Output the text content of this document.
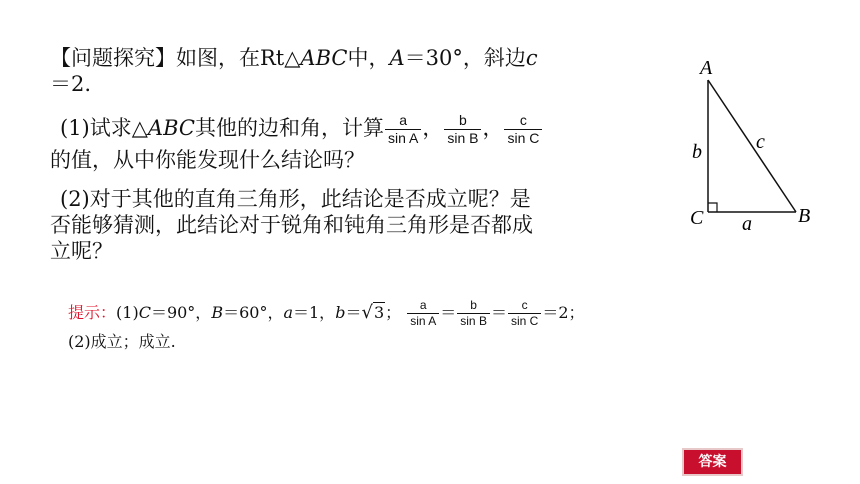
【问题探究】如图，在Rt△ABC中，A＝30°，斜边c
＝2.
(1)试求△ABC其他的边和角，计算 $\frac{a}{\text{sin A}}$ ， $\frac{b}{\text{sin B}}$ ， $\frac{c}{\text{sin C}}$

的值，从中你能发现什么结论吗？
(2)对于其他的直角三角形，此结论是否成立呢？是
否能够猜测，此结论对于锐角和钝角三角形是否都成
立呢？
提示：(1)C＝90°，B＝60°，a＝1，b＝√3； $\frac{a}{\text{sin A}} = \frac{b}{\text{sin B}} = \frac{c}{\text{sin C}} =2$；
(2)成立；成立.
A
C	B
a
b	c
答案
